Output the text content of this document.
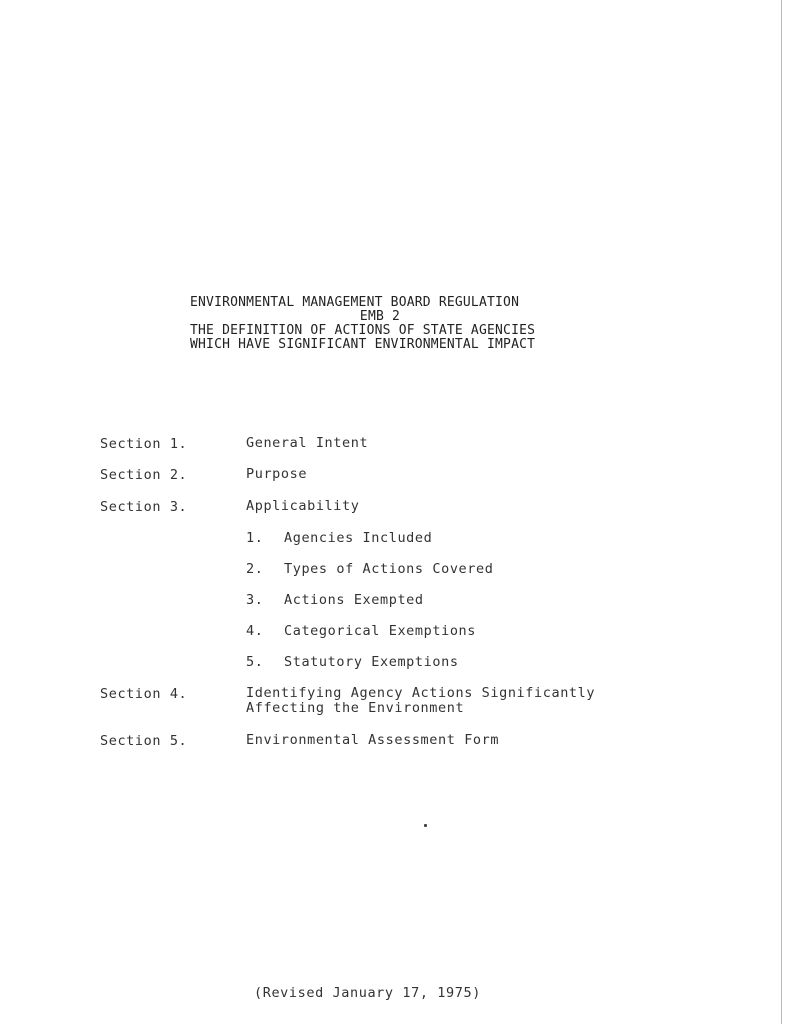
ENVIRONMENTAL MANAGEMENT BOARD REGULATION
EMB 2
THE DEFINITION OF ACTIONS OF STATE AGENCIES
WHICH HAVE SIGNIFICANT ENVIRONMENTAL IMPACT
Section 1.	General Intent
Section 2.	Purpose
Section 3.	Applicability
1. Agencies Included
2. Types of Actions Covered
3. Actions Exempted
4. Categorical Exemptions
5. Statutory Exemptions
Section 4.	Identifying Agency Actions Significantly
Affecting the Environment
Section 5.	Environmental Assessment Form
(Revised January 17, 1975)
